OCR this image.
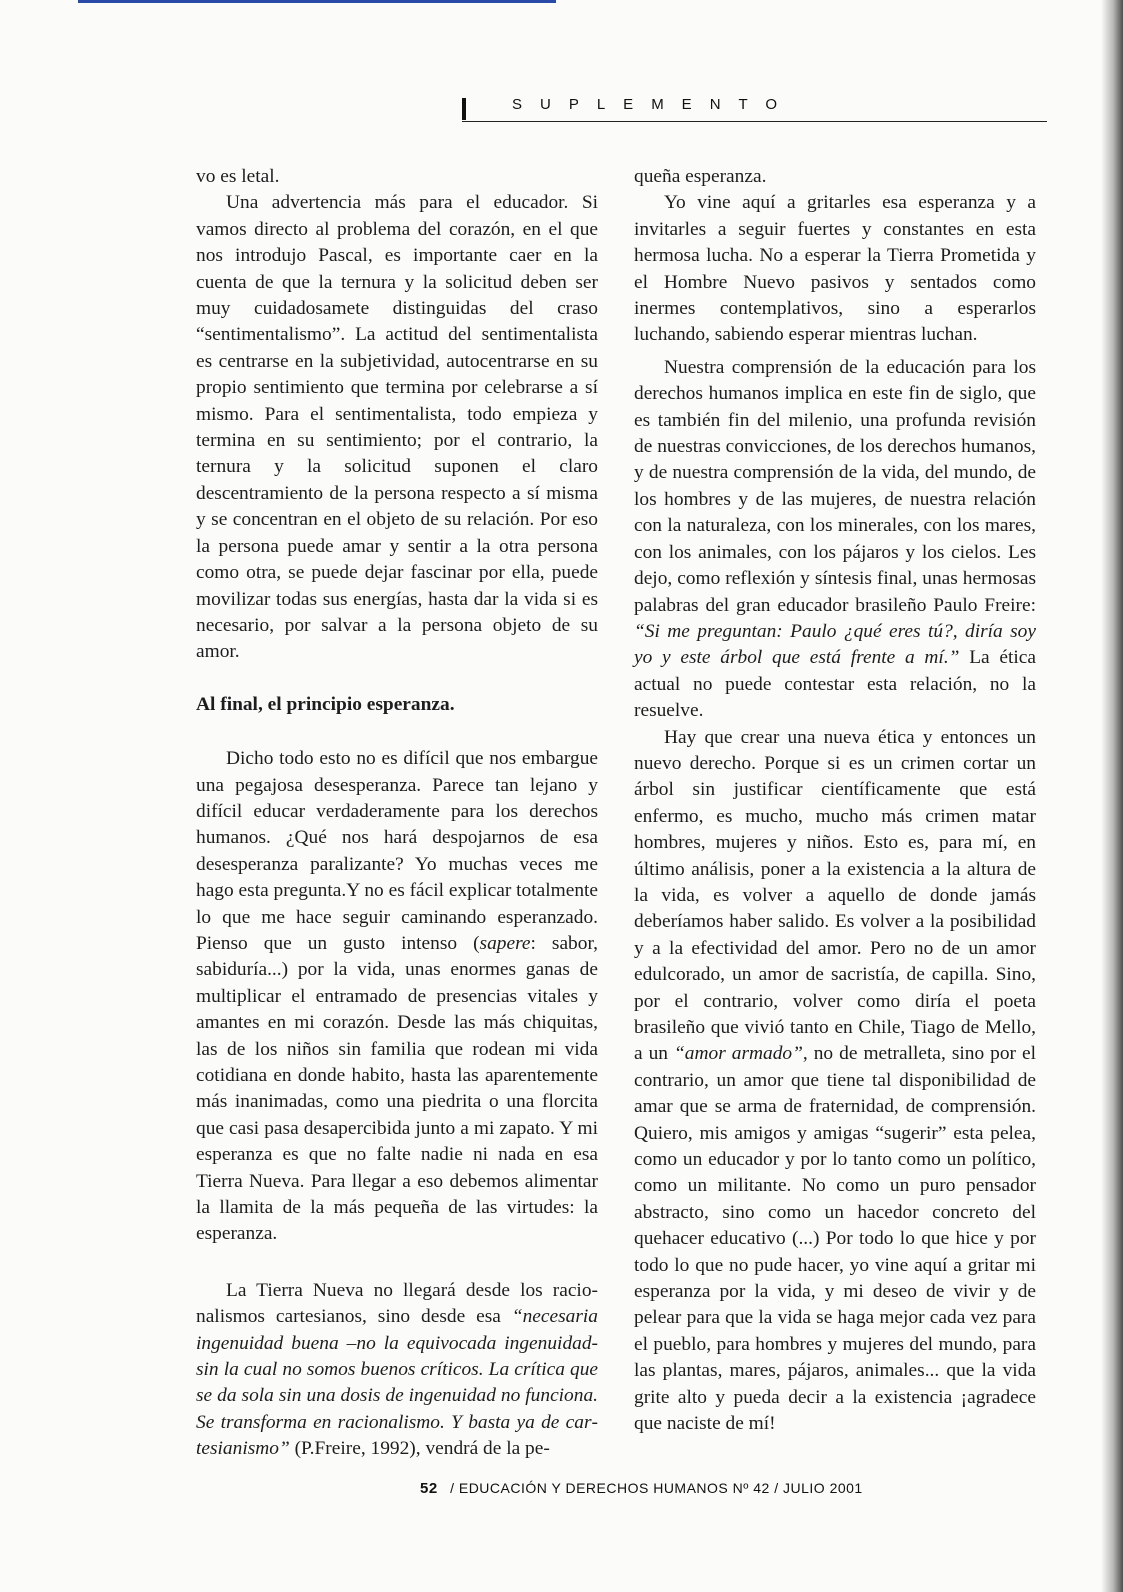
SUPLEMENTO

vo es letal.

Una advertencia más para el educador. Si vamos directo al problema del corazón, en el que nos introdujo Pascal, es importante caer en la cuenta de que la ternura y la solicitud deben ser muy cuidadosamete distinguidas del craso “sentimentalismo”. La actitud del sentimentalista es centrarse en la subjetividad, autocentrarse en su propio sentimiento que termina por celebrarse a sí mismo. Para el sentimentalista, todo empieza y termina en su sentimiento; por el contrario, la ternura y la solicitud suponen el claro descentramiento de la persona respecto a sí misma y se concentran en el objeto de su relación. Por eso la persona puede amar y sentir a la otra persona como otra, se puede dejar fascinar por ella, puede movilizar todas sus energías, hasta dar la vida si es necesario, por salvar a la persona objeto de su amor.

Al final, el principio esperanza.

Dicho todo esto no es difícil que nos embargue una pegajosa desesperanza. Parece tan lejano y difícil educar verdaderamente para los derechos humanos. ¿Qué nos hará despojarnos de esa desesperanza paralizante? Yo muchas veces me hago esta pregunta.Y no es fácil explicar totalmente lo que me hace seguir caminando esperanzado. Pienso que un gusto intenso (sapere: sabor, sabiduría...) por la vida, unas enormes ganas de multiplicar el entramado de presencias vitales y amantes en mi corazón. Desde las más chiquitas, las de los niños sin familia que rodean mi vida cotidiana en donde habito, hasta las aparentemente más inanimadas, como una piedrita o una florcita que casi pasa desapercibida junto a mi zapato. Y mi esperanza es que no falte nadie ni nada en esa Tierra Nueva. Para llegar a eso debemos alimentar la llamita de la más pequeña de las virtudes: la esperanza.

La Tierra Nueva no llegará desde los racionalismos cartesianos, sino desde esa “necesaria ingenuidad buena –no la equivocada ingenuidad- sin la cual no somos buenos críticos. La crítica que se da sola sin una dosis de ingenuidad no funciona. Se transforma en racionalismo. Y basta ya de cartesianismo” (P.Freire, 1992), vendrá de la pe-

queña esperanza.

Yo vine aquí a gritarles esa esperanza y a invitarles a seguir fuertes y constantes en esta hermosa lucha. No a esperar la Tierra Prometida y el Hombre Nuevo pasivos y sentados como inermes contemplativos, sino a esperarlos luchando, sabiendo esperar mientras luchan.

Nuestra comprensión de la educación para los derechos humanos implica en este fin de siglo, que es también fin del milenio, una profunda revisión de nuestras convicciones, de los derechos humanos, y de nuestra comprensión de la vida, del mundo, de los hombres y de las mujeres, de nuestra relación con la naturaleza, con los minerales, con los mares, con los animales, con los pájaros y los cielos. Les dejo, como reflexión y síntesis final, unas hermosas palabras del gran educador brasileño Paulo Freire: “Si me preguntan: Paulo ¿qué eres tú?, diría soy yo y este árbol que está frente a mí.” La ética actual no puede contestar esta relación, no la resuelve.

Hay que crear una nueva ética y entonces un nuevo derecho. Porque si es un crimen cortar un árbol sin justificar científicamente que está enfermo, es mucho, mucho más crimen matar hombres, mujeres y niños. Esto es, para mí, en último análisis, poner a la existencia a la altura de la vida, es volver a aquello de donde jamás deberíamos haber salido. Es volver a la posibilidad y a la efectividad del amor. Pero no de un amor edulcorado, un amor de sacristía, de capilla. Sino, por el contrario, volver como diría el poeta brasileño que vivió tanto en Chile, Tiago de Mello, a un “amor armado”, no de metralleta, sino por el contrario, un amor que tiene tal disponibilidad de amar que se arma de fraternidad, de comprensión. Quiero, mis amigos y amigas “sugerir” esta pelea, como un educador y por lo tanto como un político, como un militante. No como un puro pensador abstracto, sino como un hacedor concreto del quehacer educativo (...) Por todo lo que hice y por todo lo que no pude hacer, yo vine aquí a gritar mi esperanza por la vida, y mi deseo de vivir y de pelear para que la vida se haga mejor cada vez para el pueblo, para hombres y mujeres del mundo, para las plantas, mares, pájaros, animales... que la vida grite alto y pueda decir a la existencia ¡agradece que naciste de mí!

52 / EDUCACIÓN Y DERECHOS HUMANOS Nº 42 / JULIO 2001
